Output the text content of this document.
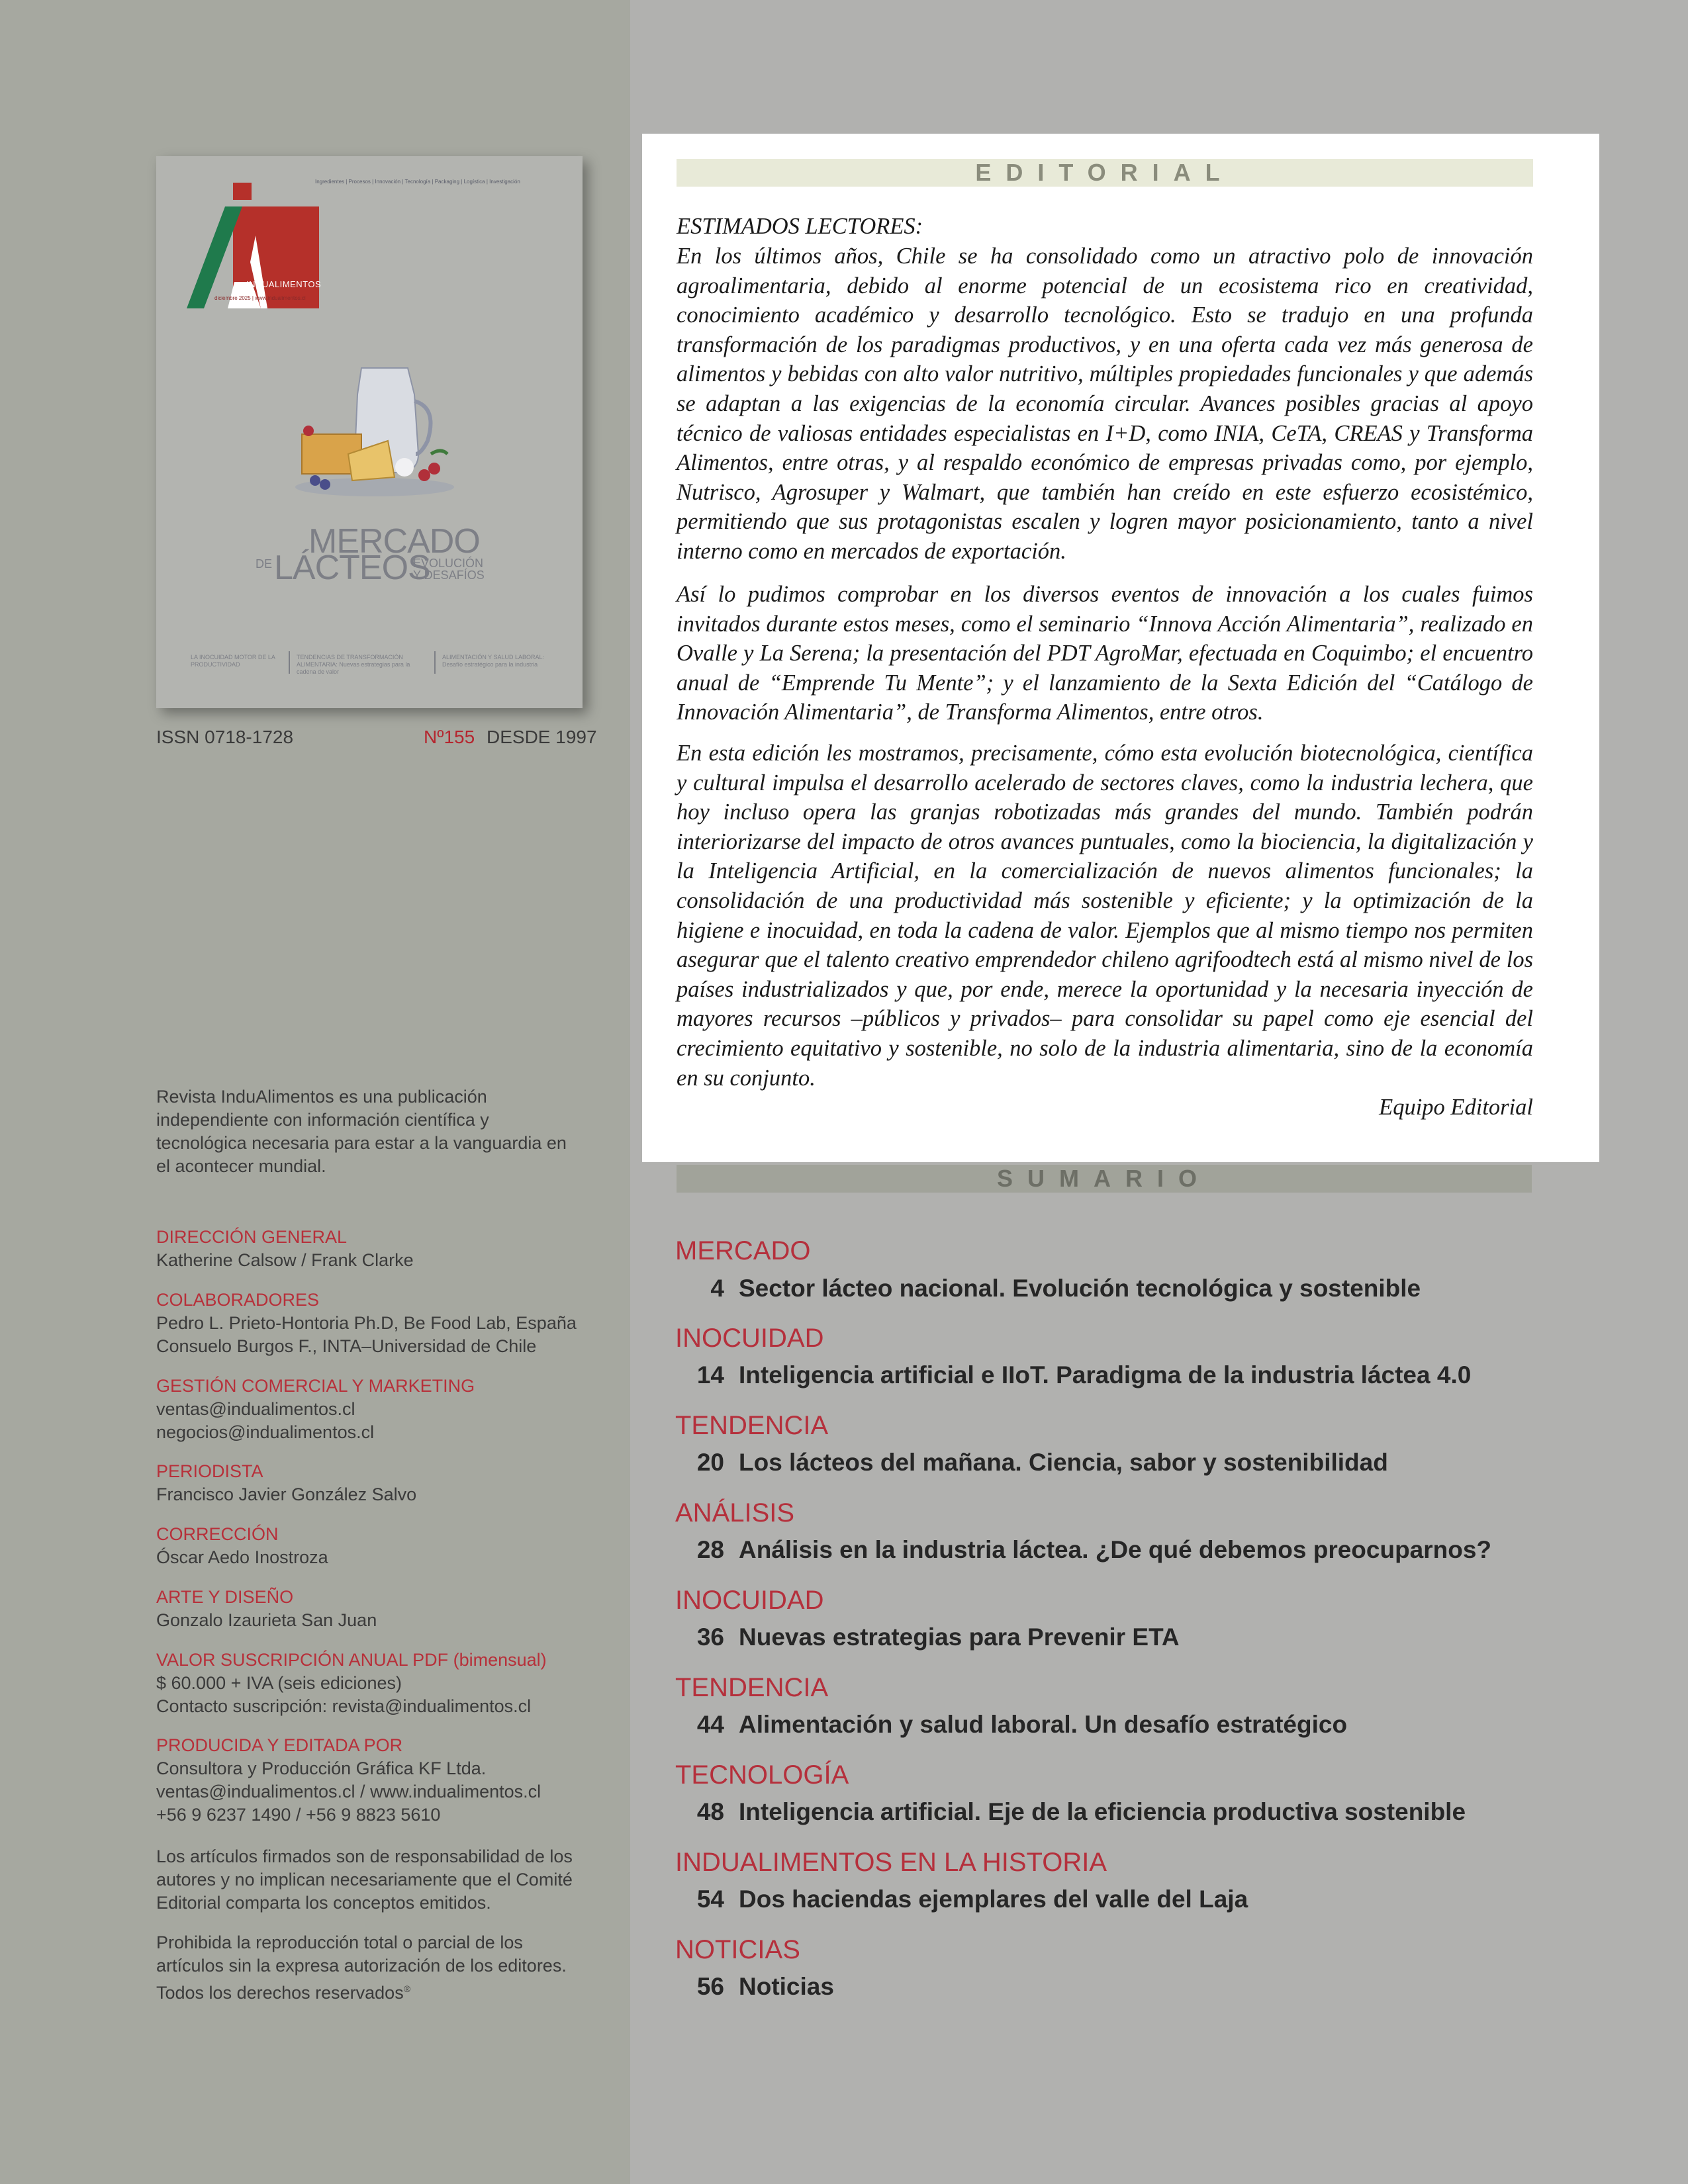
INDUALIMENTOS
Ingredientes | Procesos | Innovación | Tecnología | Packaging | Logística | Investigación
diciembre 2025 | www.indualimentos.cl
MERCADO
DE LÁCTEOS
EVOLUCIÓN Y DESAFÍOS
LA INOCUIDAD MOTOR DE LA PRODUCTIVIDAD
TENDENCIAS DE TRANSFORMACIÓN ALIMENTARIA: Nuevas estrategias para la cadena de valor
ALIMENTACIÓN Y SALUD LABORAL: Desafío estratégico para la industria
ISSN 0718-1728	Nº155 DESDE 1997
Revista InduAlimentos es una publicación independiente con información científica y tecnológica necesaria para estar a la vanguardia en el acontecer mundial.
DIRECCIÓN GENERAL
Katherine Calsow / Frank Clarke
COLABORADORES
Pedro L. Prieto-Hontoria Ph.D, Be Food Lab, España
Consuelo Burgos F., INTA–Universidad de Chile
GESTIÓN COMERCIAL Y MARKETING
ventas@indualimentos.cl
negocios@indualimentos.cl
PERIODISTA
Francisco Javier González Salvo
CORRECCIÓN
Óscar Aedo Inostroza
ARTE Y DISEÑO
Gonzalo Izaurieta San Juan
VALOR SUSCRIPCIÓN ANUAL PDF (bimensual)
$ 60.000 + IVA (seis ediciones)
Contacto suscripción: revista@indualimentos.cl
PRODUCIDA Y EDITADA POR
Consultora y Producción Gráfica KF Ltda.
ventas@indualimentos.cl / www.indualimentos.cl
+56 9 6237 1490 / +56 9 8823 5610
Los artículos firmados son de responsabilidad de los autores y no implican necesariamente que el Comité Editorial comparta los conceptos emitidos.
Prohibida la reproducción total o parcial de los artículos sin la expresa autorización de los editores. Todos los derechos reservados®
EDITORIAL
ESTIMADOS LECTORES:
En los últimos años, Chile se ha consolidado como un atractivo polo de innovación agroalimentaria, debido al enorme potencial de un ecosistema rico en creatividad, conocimiento académico y desarrollo tecnológico. Esto se tradujo en una profunda transformación de los paradigmas productivos, y en una oferta cada vez más generosa de alimentos y bebidas con alto valor nutritivo, múltiples propiedades funcionales y que además se adaptan a las exigencias de la economía circular. Avances posibles gracias al apoyo técnico de valiosas entidades especialistas en I+D, como INIA, CeTA, CREAS y Transforma Alimentos, entre otras, y al respaldo económico de empresas privadas como, por ejemplo, Nutrisco, Agrosuper y Walmart, que también han creído en este esfuerzo ecosistémico, permitiendo que sus protagonistas escalen y logren mayor posicionamiento, tanto a nivel interno como en mercados de exportación.
Así lo pudimos comprobar en los diversos eventos de innovación a los cuales fuimos invitados durante estos meses, como el seminario “Innova Acción Alimentaria”, realizado en Ovalle y La Serena; la presentación del PDT AgroMar, efectuada en Coquimbo; el encuentro anual de “Emprende Tu Mente”; y el lanzamiento de la Sexta Edición del “Catálogo de Innovación Alimentaria”, de Transforma Alimentos, entre otros.
En esta edición les mostramos, precisamente, cómo esta evolución biotecnológica, científica y cultural impulsa el desarrollo acelerado de sectores claves, como la industria lechera, que hoy incluso opera las granjas robotizadas más grandes del mundo. También podrán interiorizarse del impacto de otros avances puntuales, como la biociencia, la digitalización y la Inteligencia Artificial, en la comercialización de nuevos alimentos funcionales; la consolidación de una productividad más sostenible y eficiente; y la optimización de la higiene e inocuidad, en toda la cadena de valor. Ejemplos que al mismo tiempo nos permiten asegurar que el talento creativo emprendedor chileno agrifoodtech está al mismo nivel de los países industrializados y que, por ende, merece la oportunidad y la necesaria inyección de mayores recursos –públicos y privados– para consolidar su papel como eje esencial del crecimiento equitativo y sostenible, no solo de la industria alimentaria, sino de la economía en su conjunto.
Equipo Editorial
SUMARIO
MERCADO
4 Sector lácteo nacional. Evolución tecnológica y sostenible
INOCUIDAD
14 Inteligencia artificial e IIoT. Paradigma de la industria láctea 4.0
TENDENCIA
20 Los lácteos del mañana. Ciencia, sabor y sostenibilidad
ANÁLISIS
28 Análisis en la industria láctea. ¿De qué debemos preocuparnos?
INOCUIDAD
36 Nuevas estrategias para Prevenir ETA
TENDENCIA
44 Alimentación y salud laboral. Un desafío estratégico
TECNOLOGÍA
48 Inteligencia artificial. Eje de la eficiencia productiva sostenible
INDUALIMENTOS EN LA HISTORIA
54 Dos haciendas ejemplares del valle del Laja
NOTICIAS
56 Noticias
